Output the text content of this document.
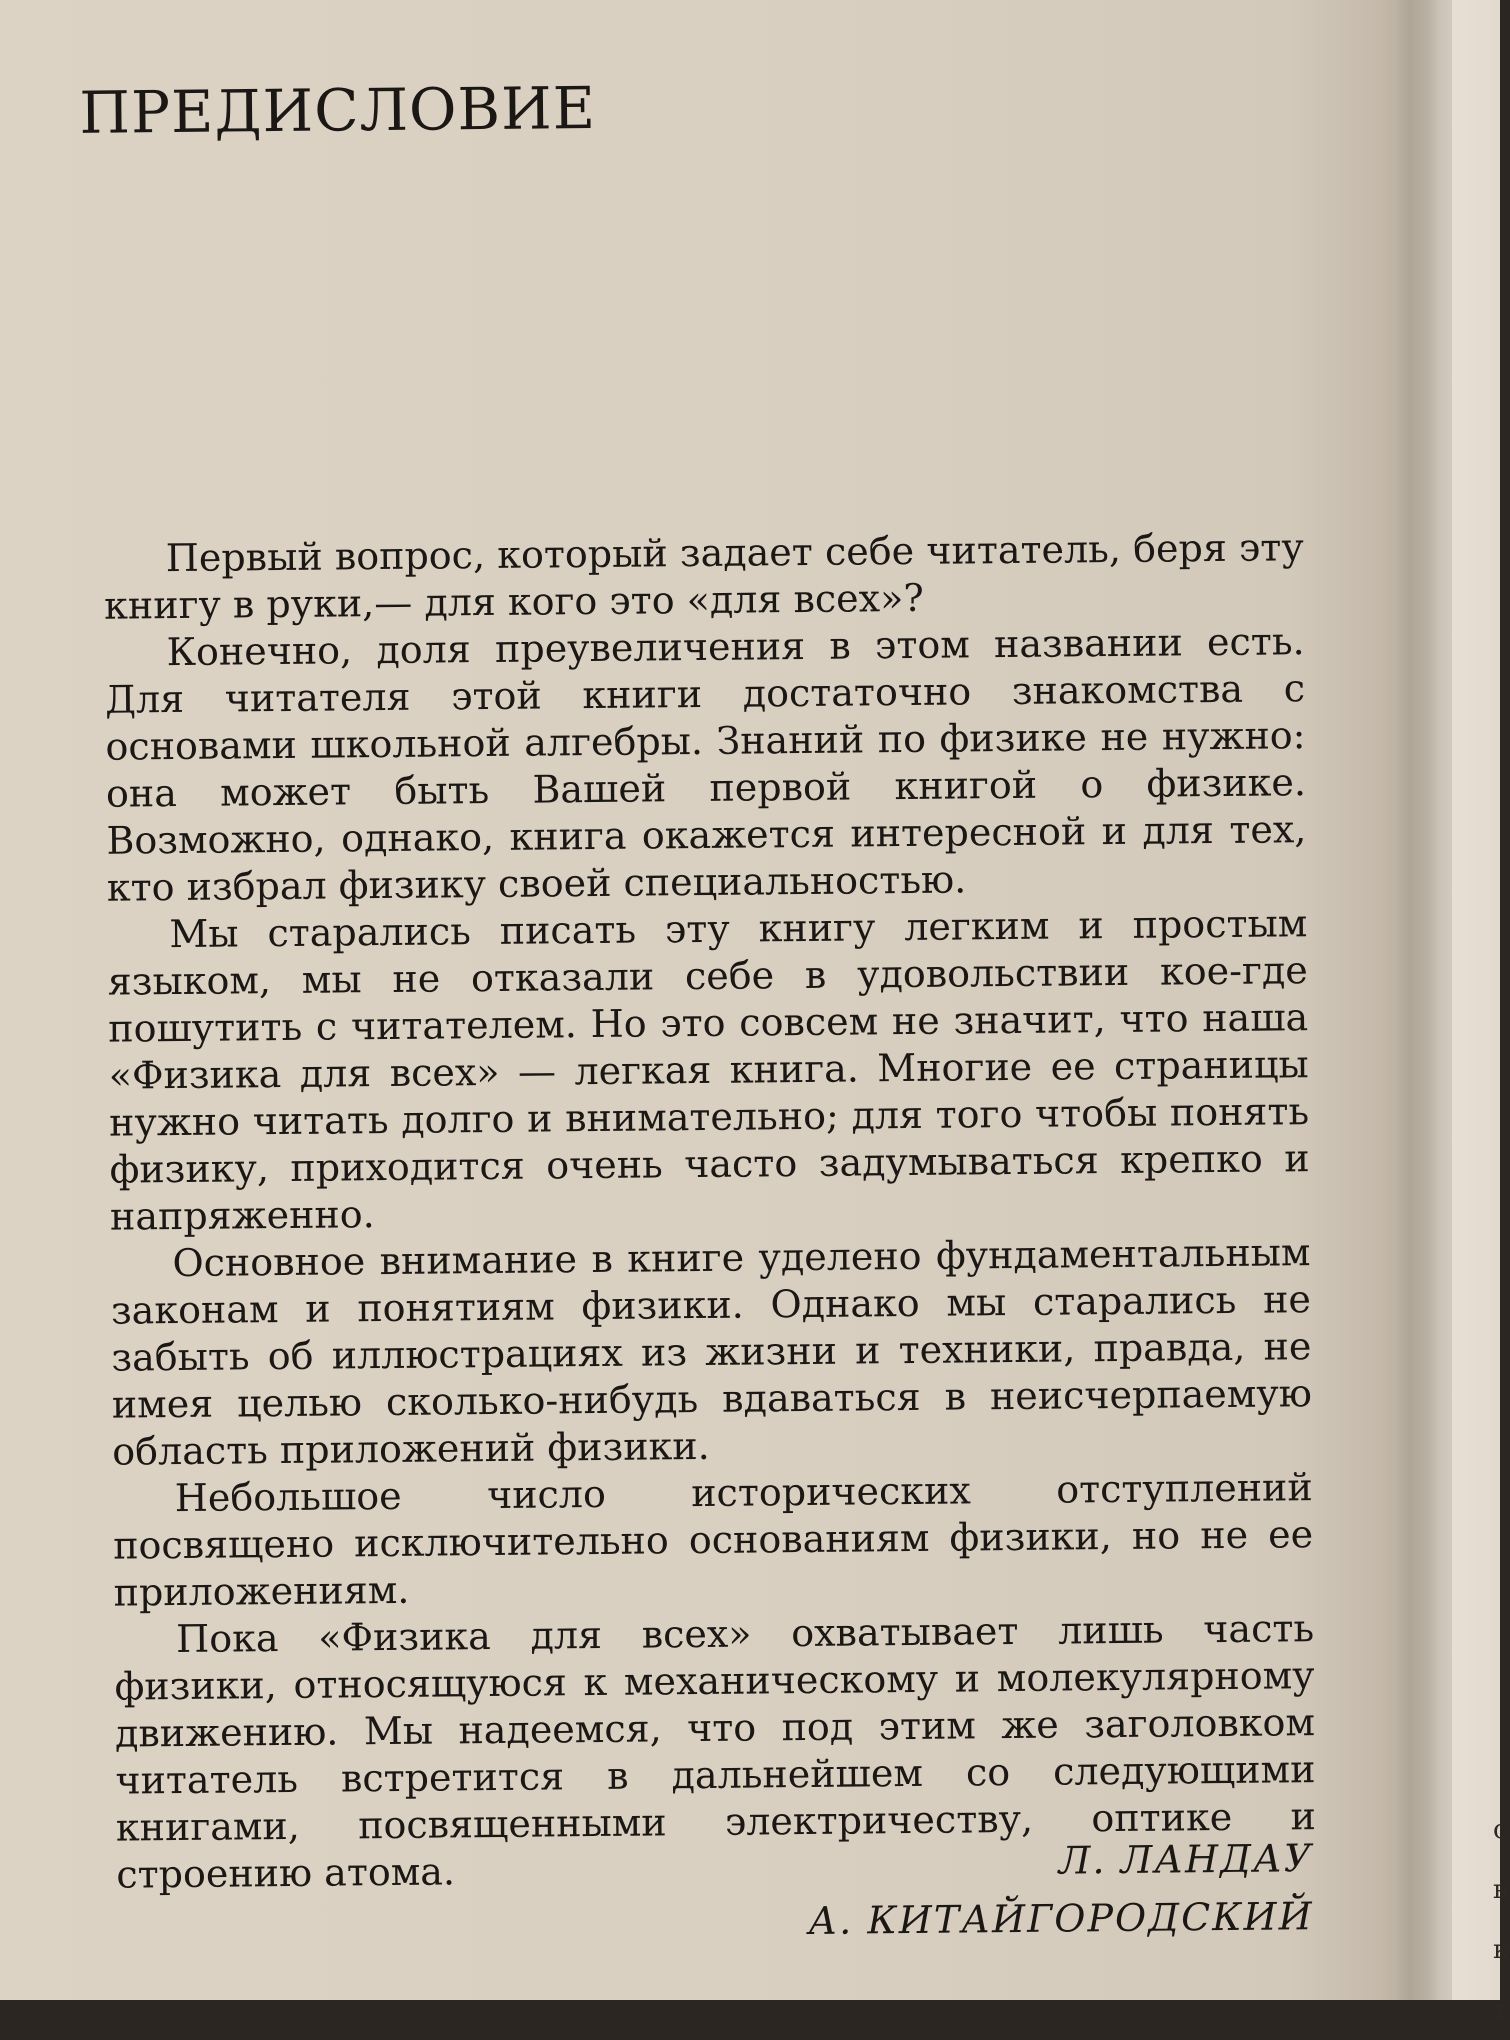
ПРЕДИСЛОВИЕ

Первый вопрос, который задает себе читатель, беря эту книгу в руки,— для кого это «для всех»?

Конечно, доля преувеличения в этом названии есть. Для читателя этой книги достаточно знакомства с основами школьной алгебры. Знаний по физике не нужно: она может быть Вашей первой книгой о физике. Возможно, однако, книга окажется интересной и для тех, кто избрал физику своей специальностью.

Мы старались писать эту книгу легким и простым языком, мы не отказали себе в удовольствии кое-где пошутить с читателем. Но это совсем не значит, что наша «Физика для всех» — легкая книга. Многие ее страницы нужно читать долго и внимательно; для того чтобы понять физику, приходится очень часто задумываться крепко и напряженно.

Основное внимание в книге уделено фундаментальным законам и понятиям физики. Однако мы старались не забыть об иллюстрациях из жизни и техники, правда, не имея целью сколько-нибудь вдаваться в неисчерпаемую область приложений физики.

Небольшое число исторических отступлений посвящено исключительно основаниям физики, но не ее приложениям.

Пока «Физика для всех» охватывает лишь часть физики, относящуюся к механическому и молекулярному движению. Мы надеемся, что под этим же заголовком читатель встретится в дальнейшем со следующими книгами, посвященными электричеству, оптике и строению атома.	Л. ЛАНДАУ
А. КИТАЙГОРОДСКИЙ
с
ь
к
т
